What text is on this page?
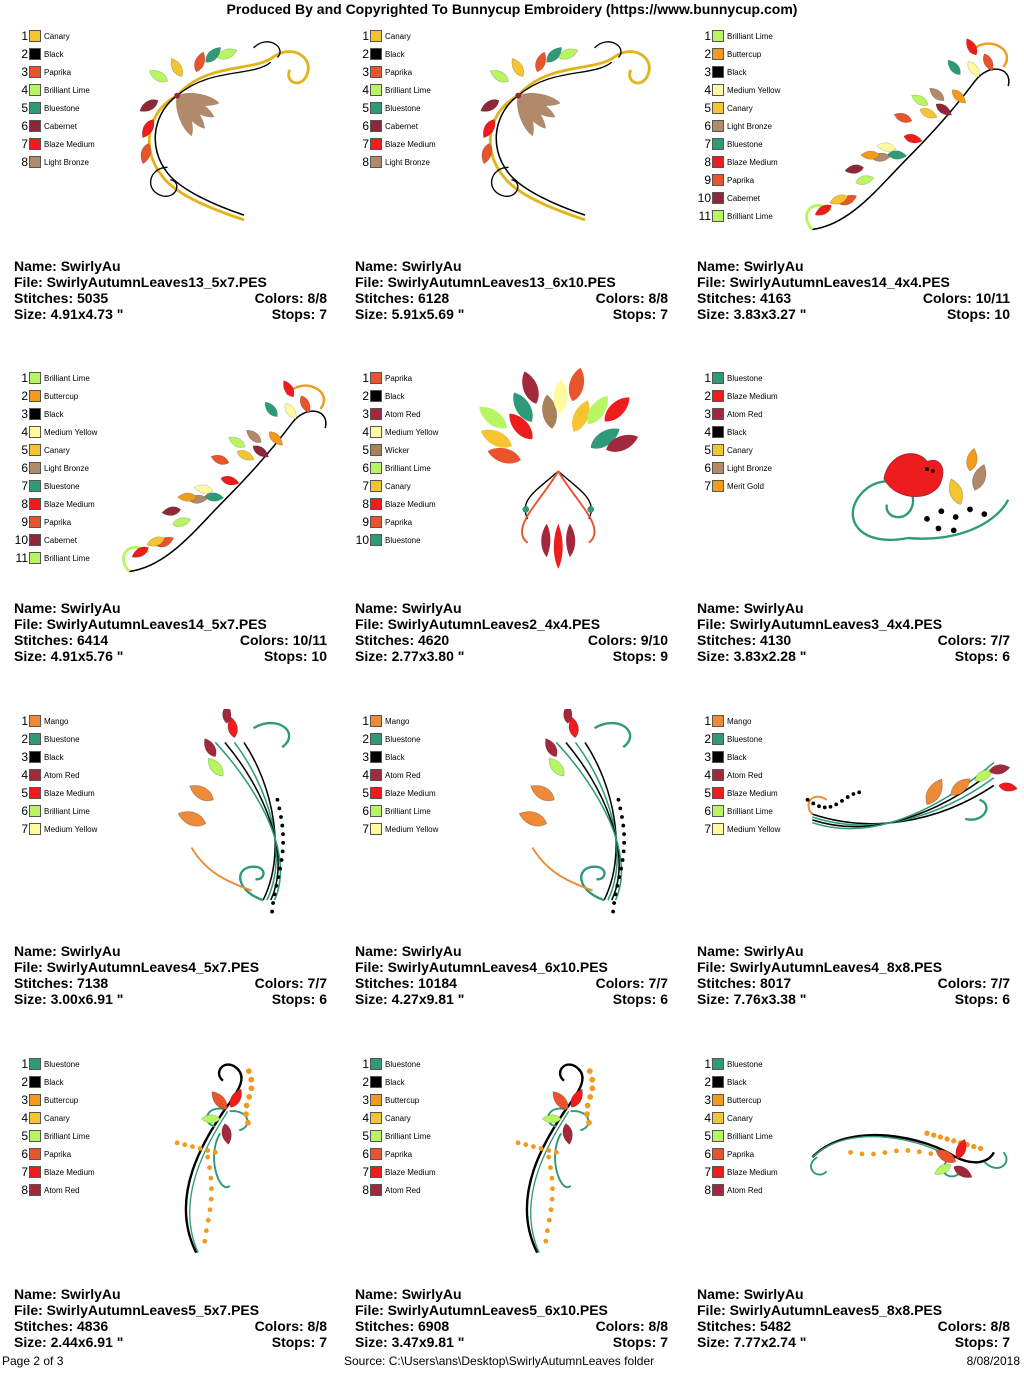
Produced By and Copyrighted To Bunnycup Embroidery (https://www.bunnycup.com)
1 Canary
2 Black
3 Paprika
4 Brilliant Lime
5 Bluestone
6 Cabernet
7 Blaze Medium
8 Light Bronze
Name: SwirlyAu
File: SwirlyAutumnLeaves13_5x7.PES
Stitches: 5035	Colors: 8/8
Size: 4.91x4.73 "	Stops: 7
1 Canary
2 Black
3 Paprika
4 Brilliant Lime
5 Bluestone
6 Cabernet
7 Blaze Medium
8 Light Bronze
Name: SwirlyAu
File: SwirlyAutumnLeaves13_6x10.PES
Stitches: 6128	Colors: 8/8
Size: 5.91x5.69 "	Stops: 7
1 Brilliant Lime
2 Buttercup
3 Black
4 Medium Yellow
5 Canary
6 Light Bronze
7 Bluestone
8 Blaze Medium
9 Paprika
10 Cabernet
11 Brilliant Lime
Name: SwirlyAu
File: SwirlyAutumnLeaves14_4x4.PES
Stitches: 4163	Colors: 10/11
Size: 3.83x3.27 "	Stops: 10
1 Brilliant Lime
2 Buttercup
3 Black
4 Medium Yellow
5 Canary
6 Light Bronze
7 Bluestone
8 Blaze Medium
9 Paprika
10 Cabernet
11 Brilliant Lime
Name: SwirlyAu
File: SwirlyAutumnLeaves14_5x7.PES
Stitches: 6414	Colors: 10/11
Size: 4.91x5.76 "	Stops: 10
1 Paprika
2 Black
3 Atom Red
4 Medium Yellow
5 Wicker
6 Brilliant Lime
7 Canary
8 Blaze Medium
9 Paprika
10 Bluestone
Name: SwirlyAu
File: SwirlyAutumnLeaves2_4x4.PES
Stitches: 4620	Colors: 9/10
Size: 2.77x3.80 "	Stops: 9
1 Bluestone
2 Blaze Medium
3 Atom Red
4 Black
5 Canary
6 Light Bronze
7 Merit Gold
Name: SwirlyAu
File: SwirlyAutumnLeaves3_4x4.PES
Stitches: 4130	Colors: 7/7
Size: 3.83x2.28 "	Stops: 6
1 Mango
2 Bluestone
3 Black
4 Atom Red
5 Blaze Medium
6 Brilliant Lime
7 Medium Yellow
Name: SwirlyAu
File: SwirlyAutumnLeaves4_5x7.PES
Stitches: 7138	Colors: 7/7
Size: 3.00x6.91 "	Stops: 6
1 Mango
2 Bluestone
3 Black
4 Atom Red
5 Blaze Medium
6 Brilliant Lime
7 Medium Yellow
Name: SwirlyAu
File: SwirlyAutumnLeaves4_6x10.PES
Stitches: 10184	Colors: 7/7
Size: 4.27x9.81 "	Stops: 6
1 Mango
2 Bluestone
3 Black
4 Atom Red
5 Blaze Medium
6 Brilliant Lime
7 Medium Yellow
Name: SwirlyAu
File: SwirlyAutumnLeaves4_8x8.PES
Stitches: 8017	Colors: 7/7
Size: 7.76x3.38 "	Stops: 6
1 Bluestone
2 Black
3 Buttercup
4 Canary
5 Brilliant Lime
6 Paprika
7 Blaze Medium
8 Atom Red
Name: SwirlyAu
File: SwirlyAutumnLeaves5_5x7.PES
Stitches: 4836	Colors: 8/8
Size: 2.44x6.91 "	Stops: 7
1 Bluestone
2 Black
3 Buttercup
4 Canary
5 Brilliant Lime
6 Paprika
7 Blaze Medium
8 Atom Red
Name: SwirlyAu
File: SwirlyAutumnLeaves5_6x10.PES
Stitches: 6908	Colors: 8/8
Size: 3.47x9.81 "	Stops: 7
1 Bluestone
2 Black
3 Buttercup
4 Canary
5 Brilliant Lime
6 Paprika
7 Blaze Medium
8 Atom Red
Name: SwirlyAu
File: SwirlyAutumnLeaves5_8x8.PES
Stitches: 5482	Colors: 8/8
Size: 7.77x2.74 "	Stops: 7
Page 2 of 3	Source: C:\Users\ans\Desktop\SwirlyAutumnLeaves folder	8/08/2018
